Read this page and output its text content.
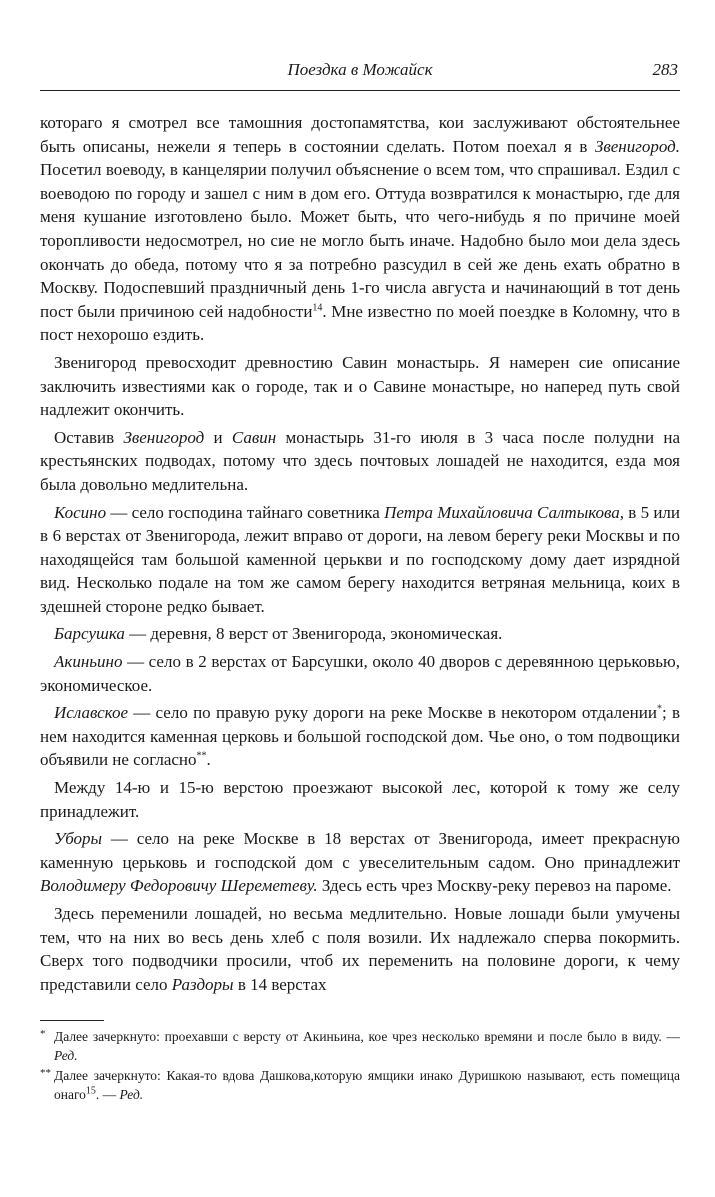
Поездка в Можайск	283

котораго я смотрел все тамошния достопамятства, кои заслуживают обстоятельнее быть описаны, нежели я теперь в состоянии сделать. Потом поехал я в Звенигород. Посетил воеводу, в канцелярии получил объяснение о всем том, что спрашивал. Ездил с воеводою по городу и зашел с ним в дом его. Оттуда возвратился к монастырю, где для меня кушание изготовлено было. Может быть, что чего-нибудь я по причине моей торопливости недосмотрел, но сие не могло быть иначе. Надобно было мои дела здесь окончать до обеда, потому что я за потребно разсудил в сей же день ехать обратно в Москву. Подоспевший праздничный день 1-го числа августа и начинающий в тот день пост были причиною сей надобности$^{14}$. Мне известно по моей поездке в Коломну, что в пост нехорошо ездить.

Звенигород превосходит древностию Савин монастырь. Я намерен сие описание заключить известиями как о городе, так и о Савине монастыре, но наперед путь свой надлежит окончить.

Оставив Звенигород и Савин монастырь 31-го июля в 3 часа после полудни на крестьянских подводах, потому что здесь почтовых лошадей не находится, езда моя была довольно медлительна.

Косино — село господина тайнаго советника Петра Михайловича Салтыкова, в 5 или в 6 верстах от Звенигорода, лежит вправо от дороги, на левом берегу реки Москвы и по находящейся там большой каменной церькви и по господскому дому дает изрядной вид. Несколько подале на том же самом берегу находится ветряная мельница, коих в здешней стороне редко бывает.

Барсушка — деревня, 8 верст от Звенигорода, экономическая.

Акиньино — село в 2 верстах от Барсушки, около 40 дворов с деревянною церьковью, экономическое.

Иславское — село по правую руку дороги на реке Москве в некотором отдалении*; в нем находится каменная церковь и большой господской дом. Чье оно, о том подвощики объявили не согласно**.

Между 14-ю и 15-ю верстою проезжают высокой лес, которой к тому же селу принадлежит.

Уборы — село на реке Москве в 18 верстах от Звенигорода, имеет прекрасную каменную церьковь и господской дом с увеселительным садом. Оно принадлежит Володимеру Федоровичу Шереметеву. Здесь есть чрез Москву-реку перевоз на пароме.

Здесь переменили лошадей, но весьма медлительно. Новые лошади были умучены тем, что на них во весь день хлеб с поля возили. Их надлежало сперва покормить. Сверх того подводчики просили, чтоб их переменить на половине дороги, к чему представили село Раздоры в 14 верстах

* Далее зачеркнуто: проехавши с версту от Акиньина, кое чрез несколько времяни и после было в виду. — Ред.
** Далее зачеркнуто: Какая-то вдова Дашкова,которую ямщики инако Дуришкою называют, есть помещица онаго$^{15}$. — Ред.
